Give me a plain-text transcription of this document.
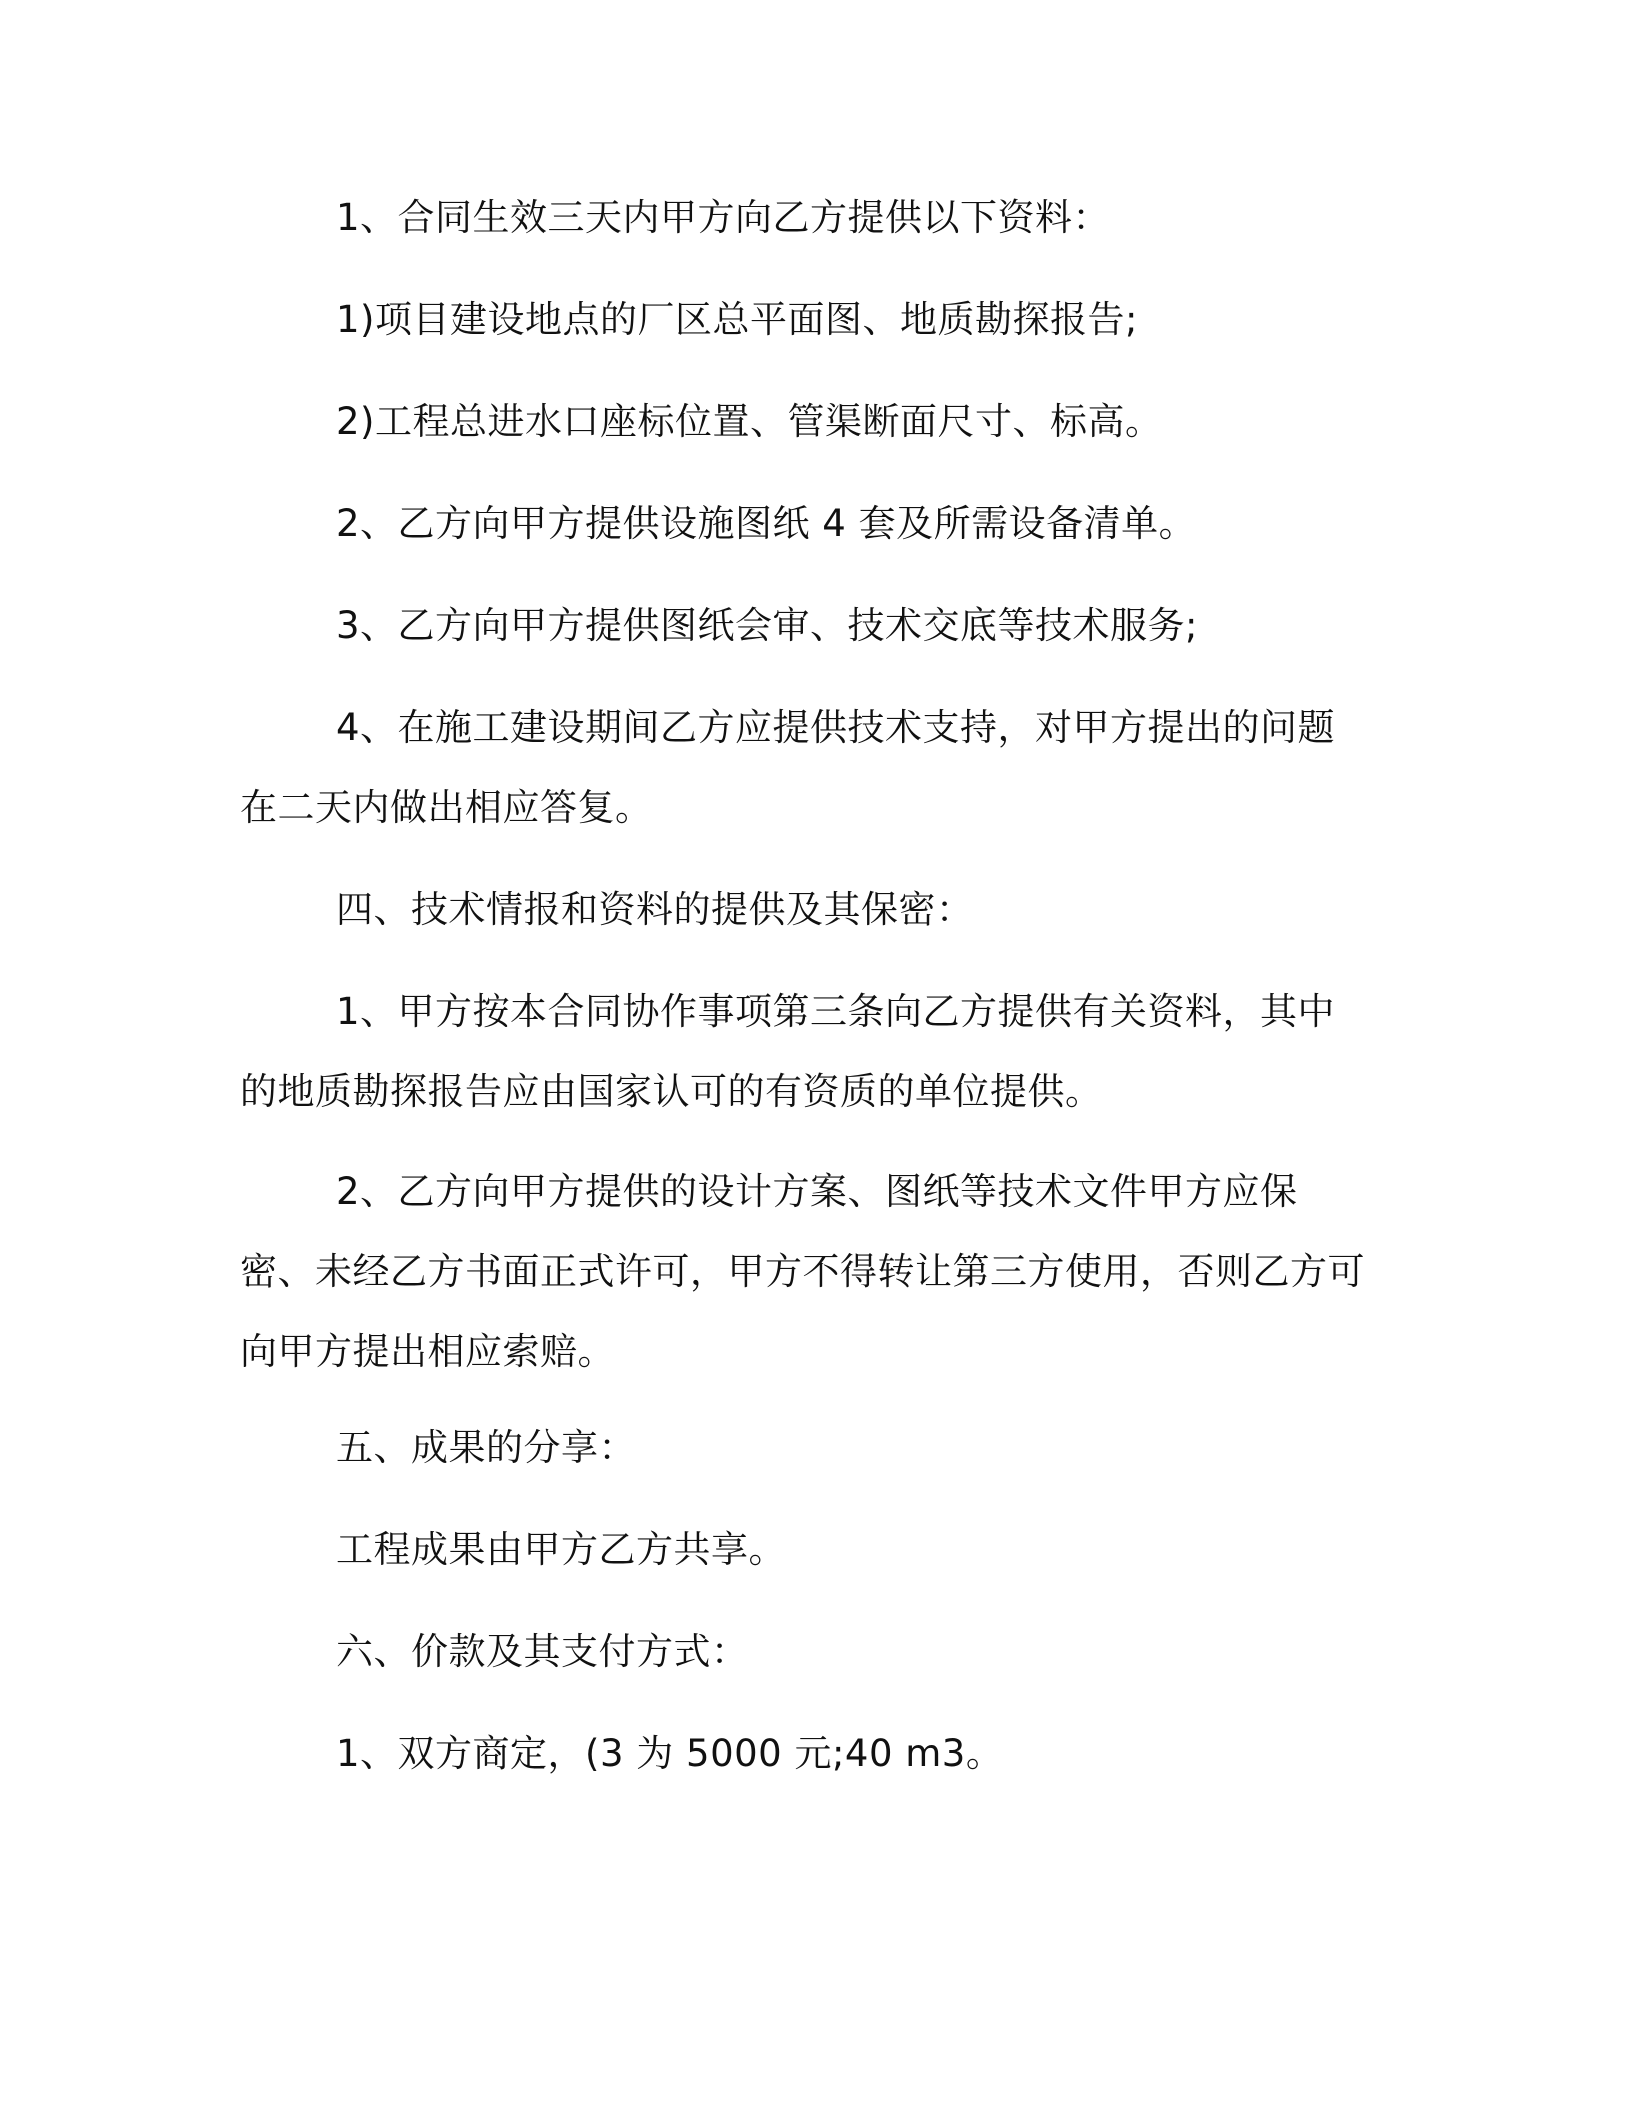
1、合同生效三天内甲方向乙方提供以下资料：

1)项目建设地点的厂区总平面图、地质勘探报告;

2)工程总进水口座标位置、管渠断面尺寸、标高。

2、乙方向甲方提供设施图纸 4 套及所需设备清单。

3、乙方向甲方提供图纸会审、技术交底等技术服务;

4、在施工建设期间乙方应提供技术支持，对甲方提出的问题在二天内做出相应答复。

四、技术情报和资料的提供及其保密：

1、甲方按本合同协作事项第三条向乙方提供有关资料，其中的地质勘探报告应由国家认可的有资质的单位提供。

2、乙方向甲方提供的设计方案、图纸等技术文件甲方应保密、未经乙方书面正式许可，甲方不得转让第三方使用，否则乙方可向甲方提出相应索赔。

五、成果的分享：

工程成果由甲方乙方共享。

六、价款及其支付方式：

1、双方商定，(3 为 5000 元;40 m3。
